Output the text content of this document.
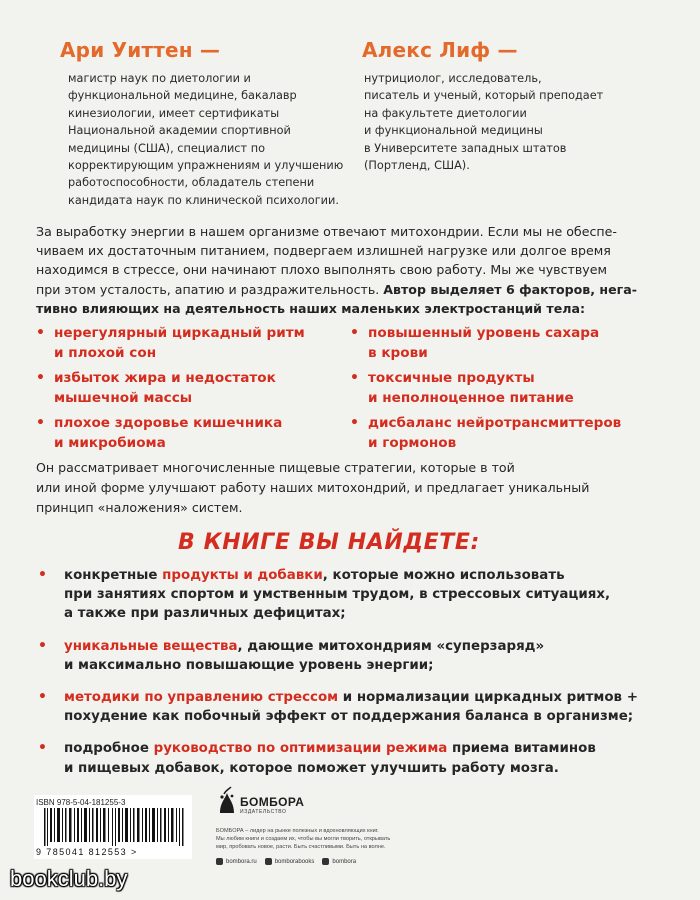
Ари Уиттен —
магистр наук по диетологии и
функциональной медицине, бакалавр
кинезиологии, имеет сертификаты
Национальной академии спортивной
медицины (США), специалист по
корректирующим упражнениям и улучшению
работоспособности, обладатель степени
кандидата наук по клинической психологии.
Алекс Лиф —
нутрициолог, исследователь,
писатель и ученый, который преподает
на факультете диетологии
и функциональной медицины
в Университете западных штатов
(Портленд, США).
За выработку энергии в нашем организме отвечают митохондрии. Если мы не обеспе-
чиваем их достаточным питанием, подвергаем излишней нагрузке или долгое время
находимся в стрессе, они начинают плохо выполнять свою работу. Мы же чувствуем
при этом усталость, апатию и раздражительность. Автор выделяет 6 факторов, нега-
тивно влияющих на деятельность наших маленьких электростанций тела:
• нерегулярный циркадный ритм
и плохой сон
• избыток жира и недостаток
мышечной массы
• плохое здоровье кишечника
и микробиома
• повышенный уровень сахара
в крови
• токсичные продукты
и неполноценное питание
• дисбаланс нейротрансмиттеров
и гормонов
Он рассматривает многочисленные пищевые стратегии, которые в той
или иной форме улучшают работу наших митохондрий, и предлагает уникальный
принцип «наложения» систем.
В КНИГЕ ВЫ НАЙДЕТЕ:
• конкретные продукты и добавки, которые можно использовать
при занятиях спортом и умственным трудом, в стрессовых ситуациях,
а также при различных дефицитах;
• уникальные вещества, дающие митохондриям «суперзаряд»
и максимально повышающие уровень энергии;
• методики по управлению стрессом и нормализации циркадных ритмов +
похудение как побочный эффект от поддержания баланса в организме;
• подробное руководство по оптимизации режима приема витаминов
и пищевых добавок, которое поможет улучшить работу мозга.
ISBN 978-5-04-181255-3
9 785041 812553 >
БОМБОРА
ИЗДАТЕЛЬСТВО
БОМБОРА – лидер на рынке полезных и вдохновляющих книг.
Мы любим книги и создаем их, чтобы вы могли творить, открывать
мир, пробовать новое, расти. Быть счастливыми. Быть на волне.
bombora.ru	bomborabooks	bombora
bookclub.by
